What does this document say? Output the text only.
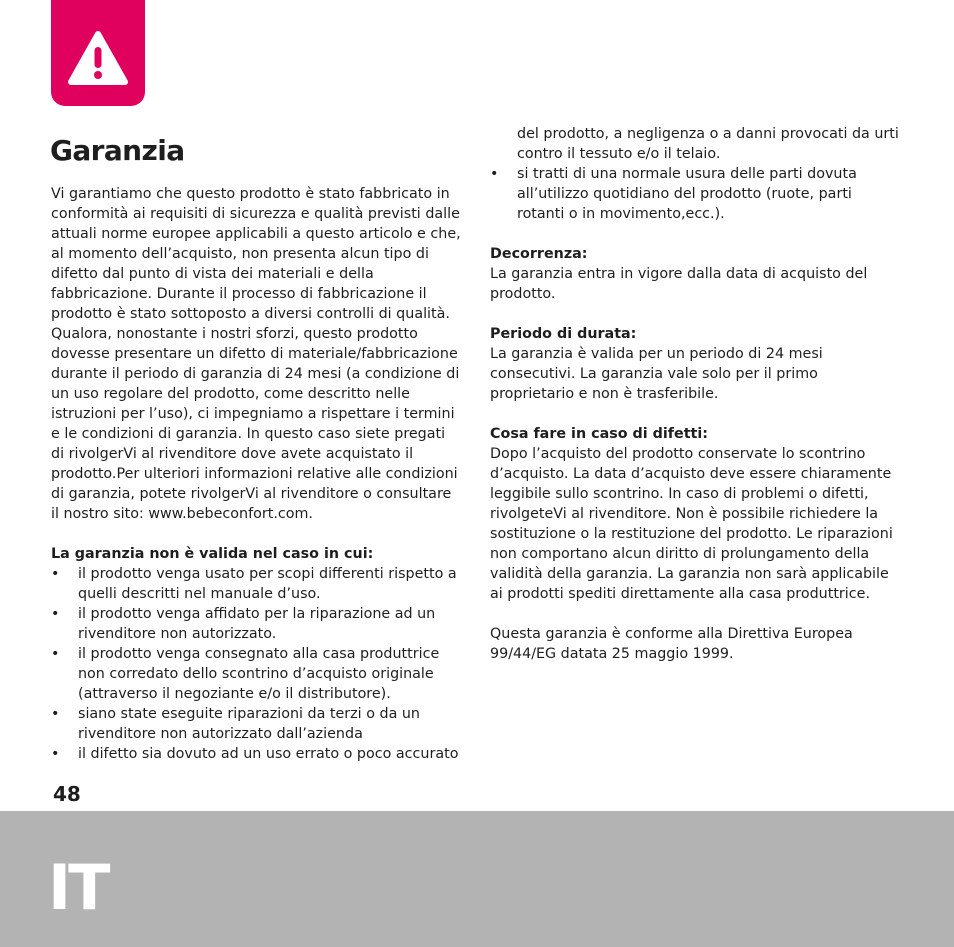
Garanzia

Vi garantiamo che questo prodotto è stato fabbricato in conformità ai requisiti di sicurezza e qualità previsti dalle attuali norme europee applicabili a questo articolo e che, al momento dell’acquisto, non presenta alcun tipo di difetto dal punto di vista dei materiali e della fabbricazione. Durante il processo di fabbricazione il prodotto è stato sottoposto a diversi controlli di qualità. Qualora, nonostante i nostri sforzi, questo prodotto dovesse presentare un difetto di materiale/fabbricazione durante il periodo di garanzia di 24 mesi (a condizione di un uso regolare del prodotto, come descritto nelle istruzioni per l’uso), ci impegniamo a rispettare i termini e le condizioni di garanzia. In questo caso siete pregati di rivolgerVi al rivenditore dove avete acquistato il prodotto.Per ulteriori informazioni relative alle condizioni di garanzia, potete rivolgerVi al rivenditore o consultare il nostro sito: www.bebeconfort.com.

La garanzia non è valida nel caso in cui:

• il prodotto venga usato per scopi differenti rispetto a quelli descritti nel manuale d’uso.
• il prodotto venga affidato per la riparazione ad un rivenditore non autorizzato.
• il prodotto venga consegnato alla casa produttrice non corredato dello scontrino d’acquisto originale (attraverso il negoziante e/o il distributore).
• siano state eseguite riparazioni da terzi o da un rivenditore non autorizzato dall’azienda
• il difetto sia dovuto ad un uso errato o poco accurato

del prodotto, a negligenza o a danni provocati da urti contro il tessuto e/o il telaio.

• si tratti di una normale usura delle parti dovuta all’utilizzo quotidiano del prodotto (ruote, parti rotanti o in movimento,ecc.).

Decorrenza:

La garanzia entra in vigore dalla data di acquisto del prodotto.

Periodo di durata:

La garanzia è valida per un periodo di 24 mesi consecutivi. La garanzia vale solo per il primo proprietario e non è trasferibile.

Cosa fare in caso di difetti:

Dopo l’acquisto del prodotto conservate lo scontrino d’acquisto. La data d’acquisto deve essere chiaramente leggibile sullo scontrino. In caso di problemi o difetti, rivolgeteVi al rivenditore. Non è possibile richiedere la sostituzione o la restituzione del prodotto. Le riparazioni non comportano alcun diritto di prolungamento della validità della garanzia. La garanzia non sarà applicabile ai prodotti spediti direttamente alla casa produttrice.

Questa garanzia è conforme alla Direttiva Europea 99/44/EG datata 25 maggio 1999.

48

IT
